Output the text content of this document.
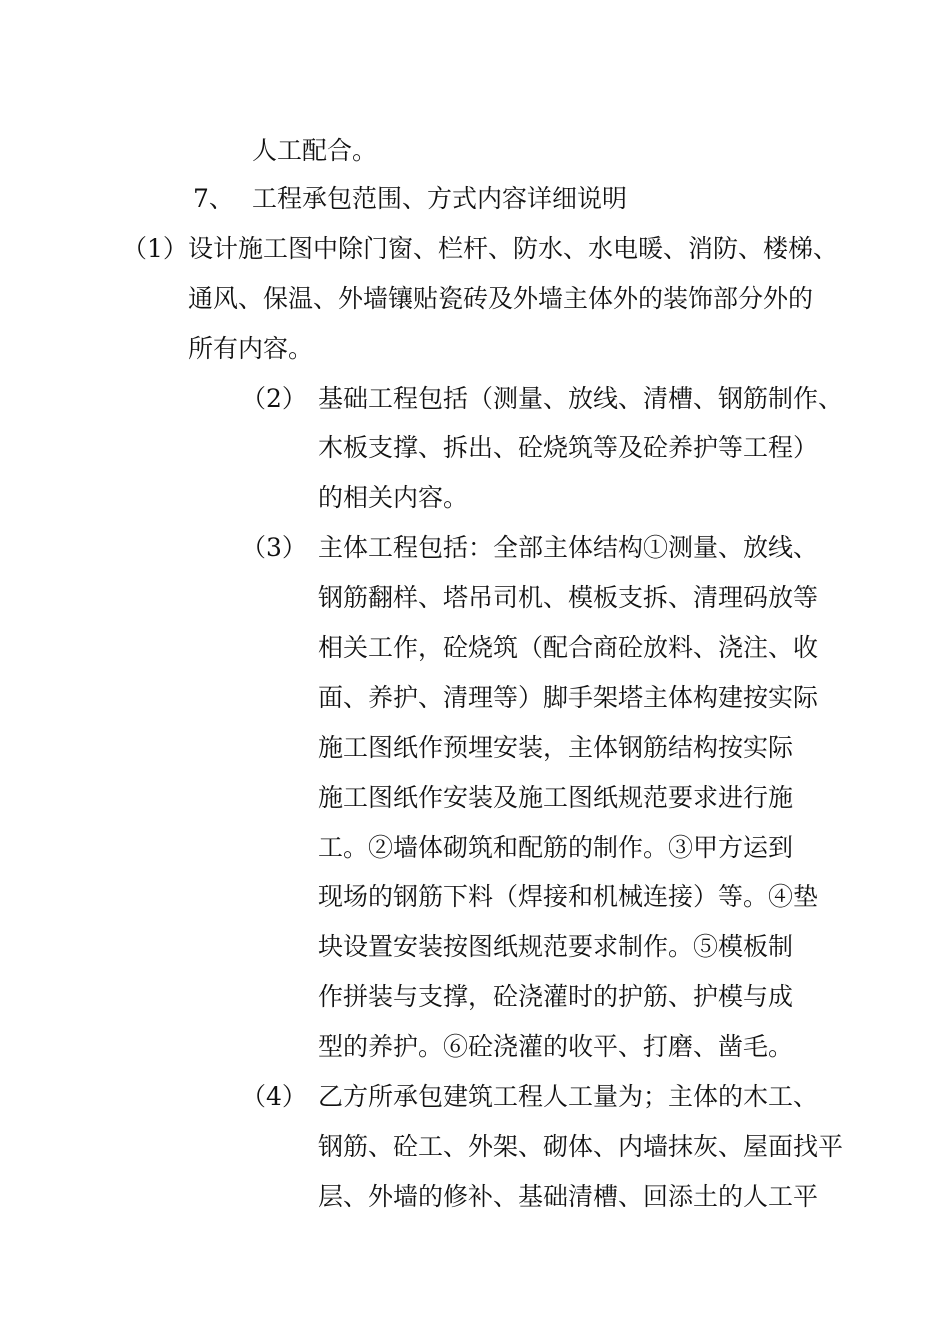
人工配合。
7、 工程承包范围、方式内容详细说明
（1） 设计施工图中除门窗、栏杆、防水、水电暖、消防、楼梯、
通风、保温、外墙镶贴瓷砖及外墙主体外的装饰部分外的
所有内容。
（2） 基础工程包括（测量、放线、清槽、钢筋制作、
木板支撑、拆出、砼烧筑等及砼养护等工程）
的相关内容。
（3） 主体工程包括：全部主体结构①测量、放线、
钢筋翻样、塔吊司机、模板支拆、清理码放等
相关工作，砼烧筑（配合商砼放料、浇注、收
面、养护、清理等）脚手架塔主体构建按实际
施工图纸作预埋安装，主体钢筋结构按实际
施工图纸作安装及施工图纸规范要求进行施
工。②墙体砌筑和配筋的制作。③甲方运到
现场的钢筋下料（焊接和机械连接）等。④垫
块设置安装按图纸规范要求制作。⑤模板制
作拼装与支撑，砼浇灌时的护筋、护模与成
型的养护。⑥砼浇灌的收平、打磨、凿毛。
（4） 乙方所承包建筑工程人工量为；主体的木工、
钢筋、砼工、外架、砌体、内墙抹灰、屋面找平
层、外墙的修补、基础清槽、回添土的人工平
